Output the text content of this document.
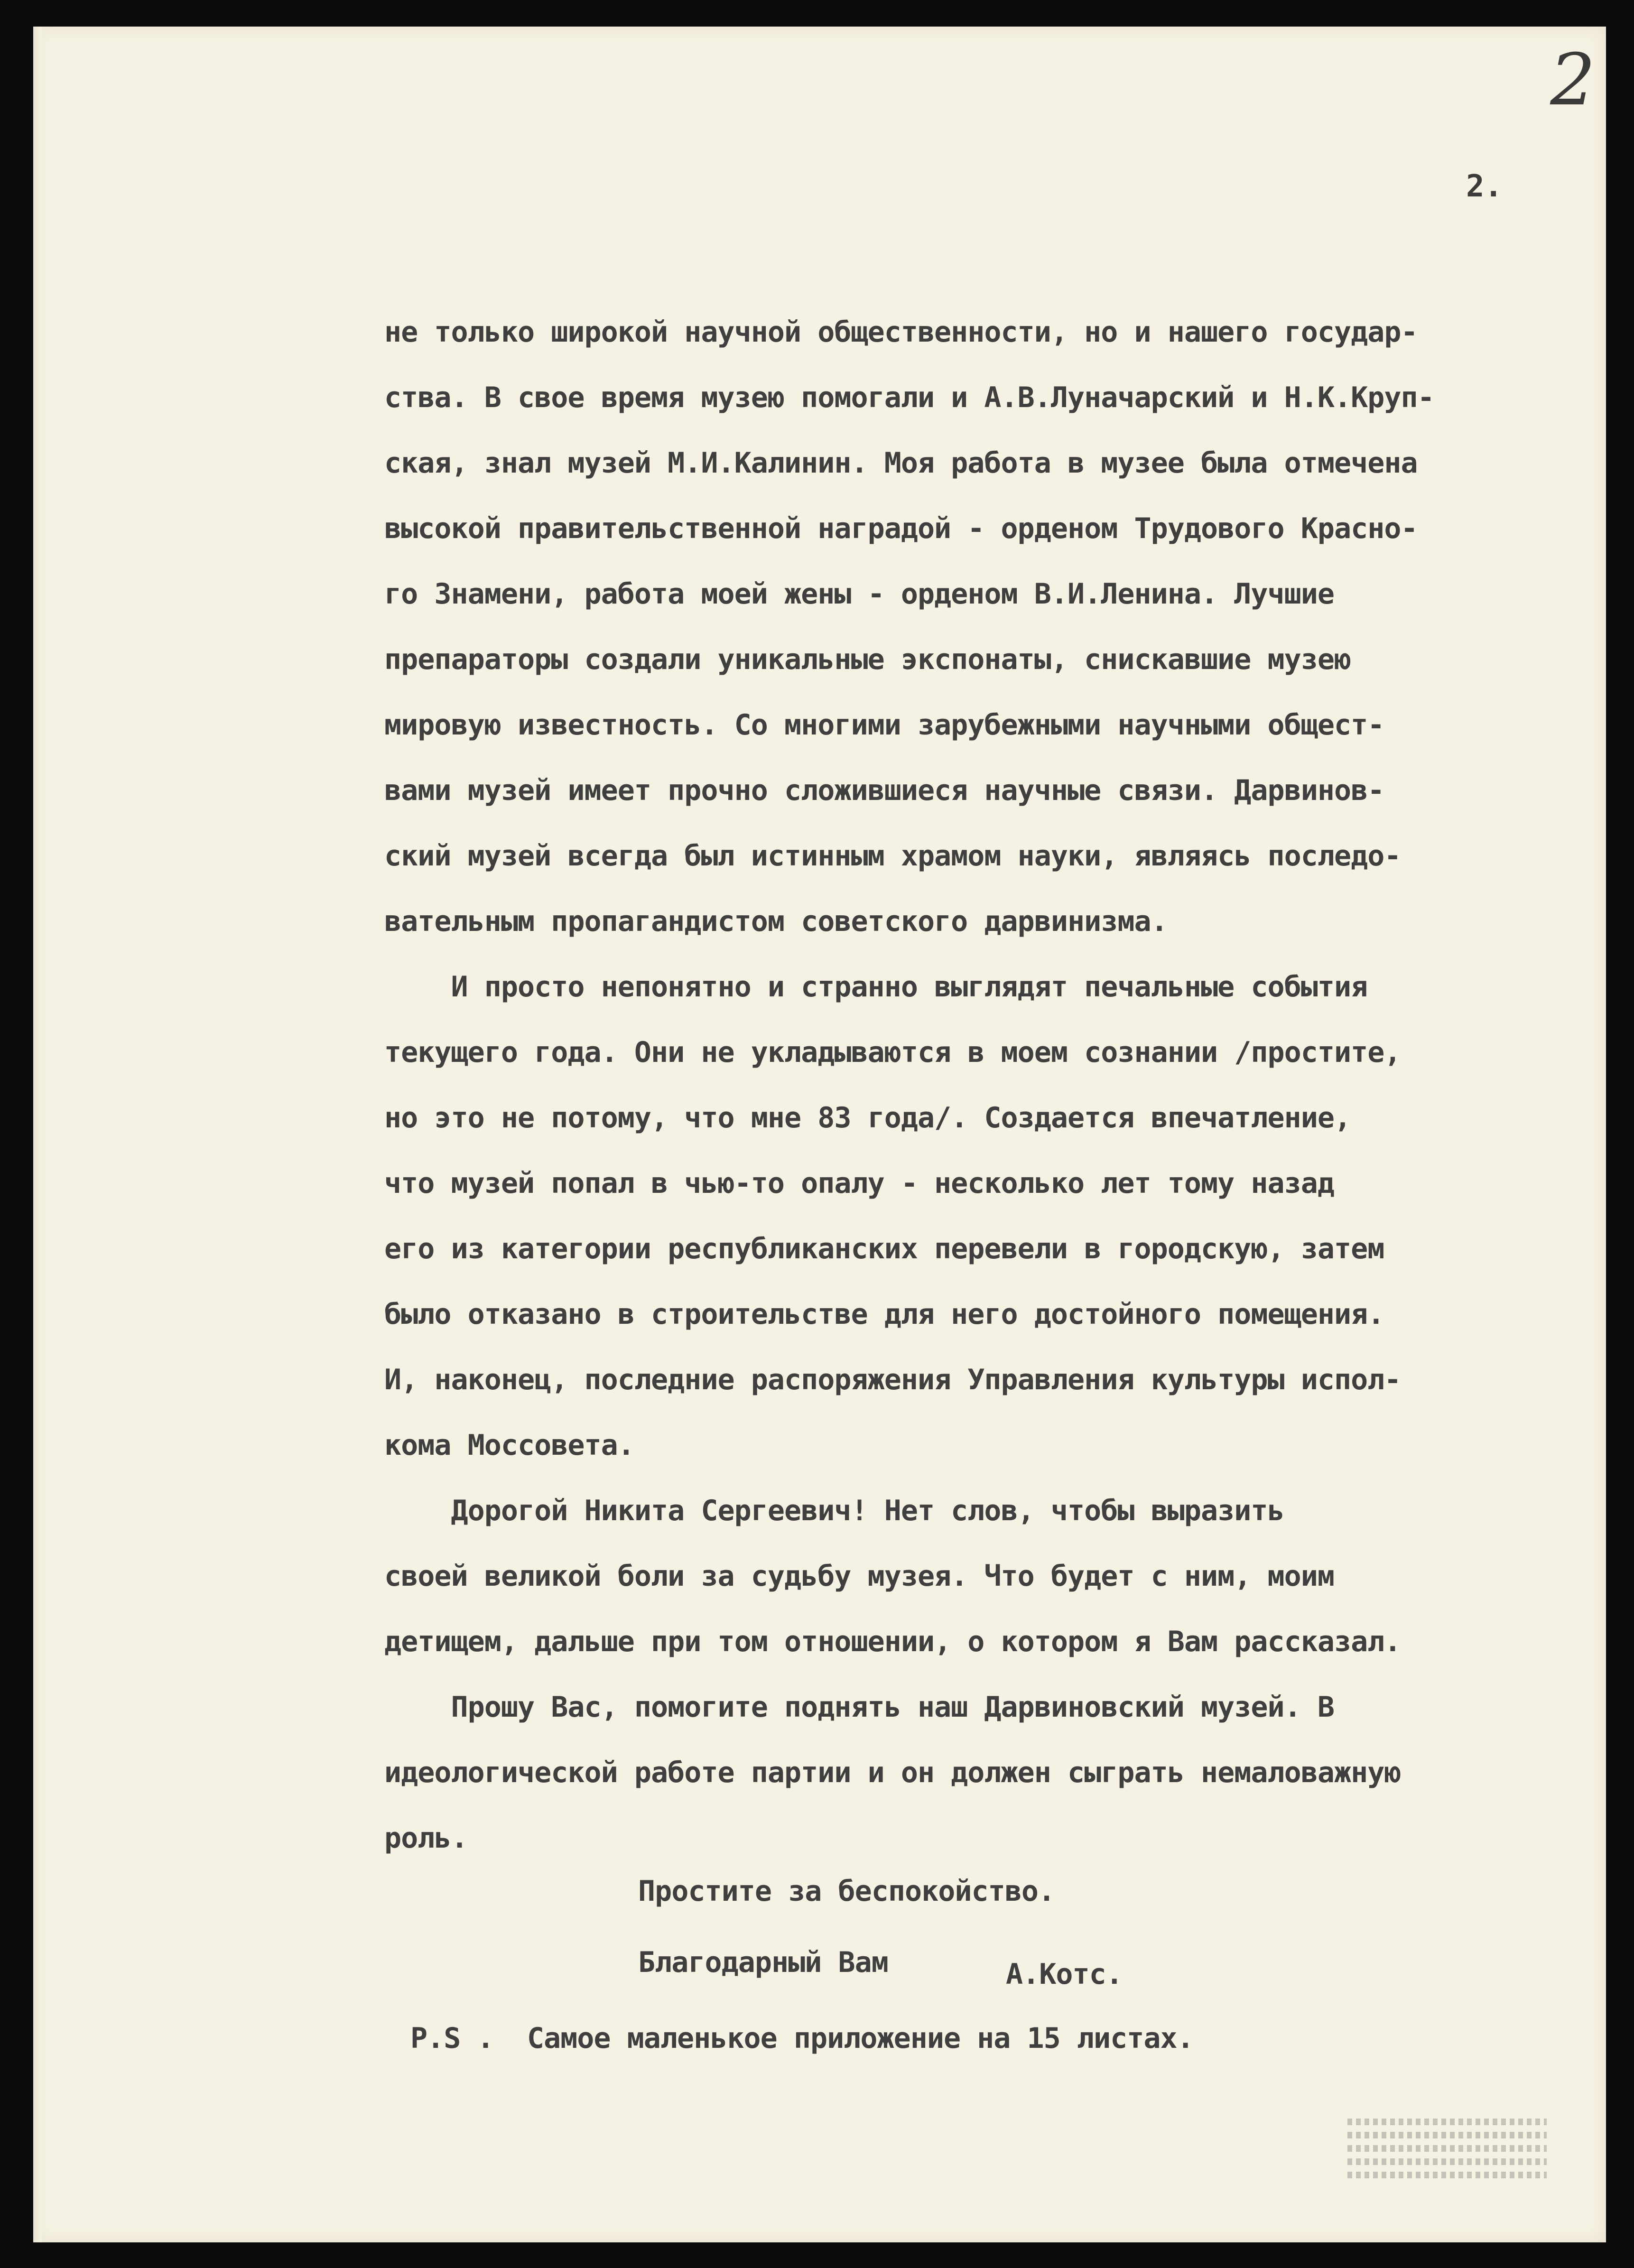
2
2.

не только широкой научной общественности, но и нашего государ-

ства. В свое время музею помогали и А.В.Луначарский и Н.К.Круп-

ская, знал музей М.И.Калинин. Моя работа в музее была отмечена

высокой правительственной наградой - орденом Трудового Красно-

го Знамени, работа моей жены - орденом В.И.Ленина. Лучшие

препараторы создали уникальные экспонаты, снискавшие музею

мировую известность. Со многими зарубежными научными общест-

вами музей имеет прочно сложившиеся научные связи. Дарвинов-

ский музей всегда был истинным храмом науки, являясь последо-

вательным пропагандистом советского дарвинизма.

И просто непонятно и странно выглядят печальные события

текущего года. Они не укладываются в моем сознании /простите,

но это не потому, что мне 83 года/. Создается впечатление,

что музей попал в чью-то опалу - несколько лет тому назад

его из категории республиканских перевели в городскую, затем

было отказано в строительстве для него достойного помещения.

И, наконец, последние распоряжения Управления культуры испол-

кома Моссовета.

Дорогой Никита Сергеевич! Нет слов, чтобы выразить

своей великой боли за судьбу музея. Что будет с ним, моим

детищем, дальше при том отношении, о котором я Вам рассказал.

Прошу Вас, помогите поднять наш Дарвиновский музей. В

идеологической работе партии и он должен сыграть немаловажную

роль.

Простите за беспокойство.

Благодарный Вам	А.Котс.

P.S .  Самое маленькое приложение на 15 листах.
